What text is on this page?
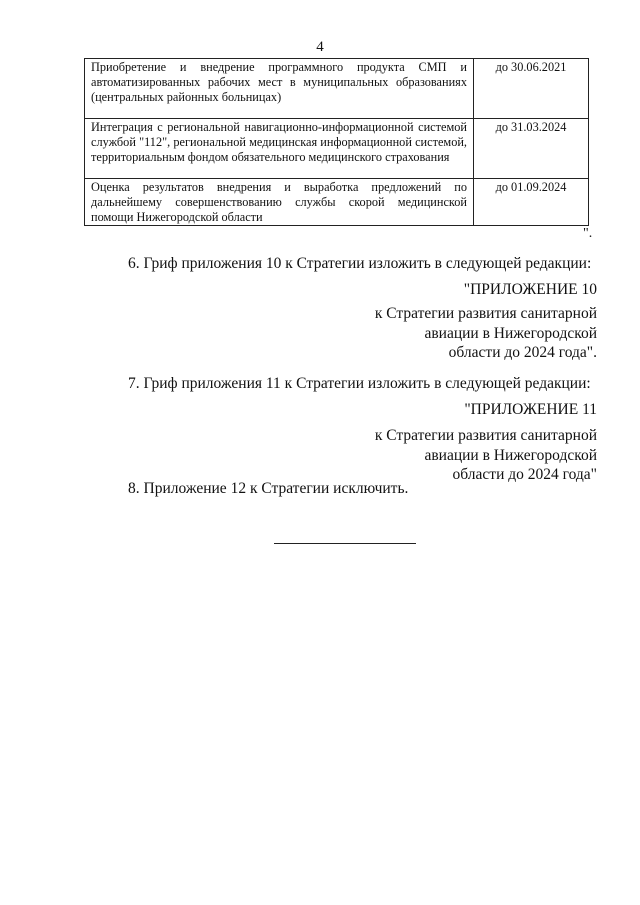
4
Приобретение и внедрение программного продукта СМП и автоматизированных рабочих мест в муниципальных образованиях (центральных районных больницах)	до 30.06.2021
Интеграция с региональной навигационно-информационной системой службой "112", региональной медицинская информационной системой, территориальным фондом обязательного медицинского страхования	до 31.03.2024
Оценка результатов внедрения и выработка предложений по дальнейшему совершенствованию службы скорой медицинской помощи Нижегородской области	до 01.09.2024
".
6. Гриф приложения 10 к Стратегии изложить в следующей редакции:
"ПРИЛОЖЕНИЕ 10
к Стратегии развития санитарной
авиации в Нижегородской
области до 2024 года".
7. Гриф приложения 11 к Стратегии изложить в следующей редакции:
"ПРИЛОЖЕНИЕ 11
к Стратегии развития санитарной
авиации в Нижегородской
области до 2024 года"
8. Приложение 12 к Стратегии исключить.
